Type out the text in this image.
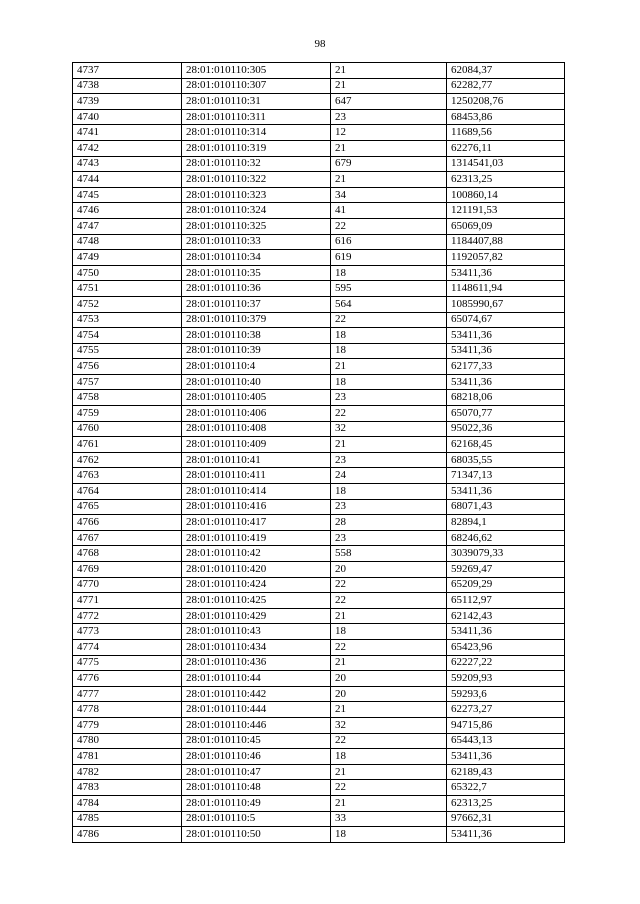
98
4737	28:01:010110:305	21	62084,37
4738	28:01:010110:307	21	62282,77
4739	28:01:010110:31	647	1250208,76
4740	28:01:010110:311	23	68453,86
4741	28:01:010110:314	12	11689,56
4742	28:01:010110:319	21	62276,11
4743	28:01:010110:32	679	1314541,03
4744	28:01:010110:322	21	62313,25
4745	28:01:010110:323	34	100860,14
4746	28:01:010110:324	41	121191,53
4747	28:01:010110:325	22	65069,09
4748	28:01:010110:33	616	1184407,88
4749	28:01:010110:34	619	1192057,82
4750	28:01:010110:35	18	53411,36
4751	28:01:010110:36	595	1148611,94
4752	28:01:010110:37	564	1085990,67
4753	28:01:010110:379	22	65074,67
4754	28:01:010110:38	18	53411,36
4755	28:01:010110:39	18	53411,36
4756	28:01:010110:4	21	62177,33
4757	28:01:010110:40	18	53411,36
4758	28:01:010110:405	23	68218,06
4759	28:01:010110:406	22	65070,77
4760	28:01:010110:408	32	95022,36
4761	28:01:010110:409	21	62168,45
4762	28:01:010110:41	23	68035,55
4763	28:01:010110:411	24	71347,13
4764	28:01:010110:414	18	53411,36
4765	28:01:010110:416	23	68071,43
4766	28:01:010110:417	28	82894,1
4767	28:01:010110:419	23	68246,62
4768	28:01:010110:42	558	3039079,33
4769	28:01:010110:420	20	59269,47
4770	28:01:010110:424	22	65209,29
4771	28:01:010110:425	22	65112,97
4772	28:01:010110:429	21	62142,43
4773	28:01:010110:43	18	53411,36
4774	28:01:010110:434	22	65423,96
4775	28:01:010110:436	21	62227,22
4776	28:01:010110:44	20	59209,93
4777	28:01:010110:442	20	59293,6
4778	28:01:010110:444	21	62273,27
4779	28:01:010110:446	32	94715,86
4780	28:01:010110:45	22	65443,13
4781	28:01:010110:46	18	53411,36
4782	28:01:010110:47	21	62189,43
4783	28:01:010110:48	22	65322,7
4784	28:01:010110:49	21	62313,25
4785	28:01:010110:5	33	97662,31
4786	28:01:010110:50	18	53411,36
